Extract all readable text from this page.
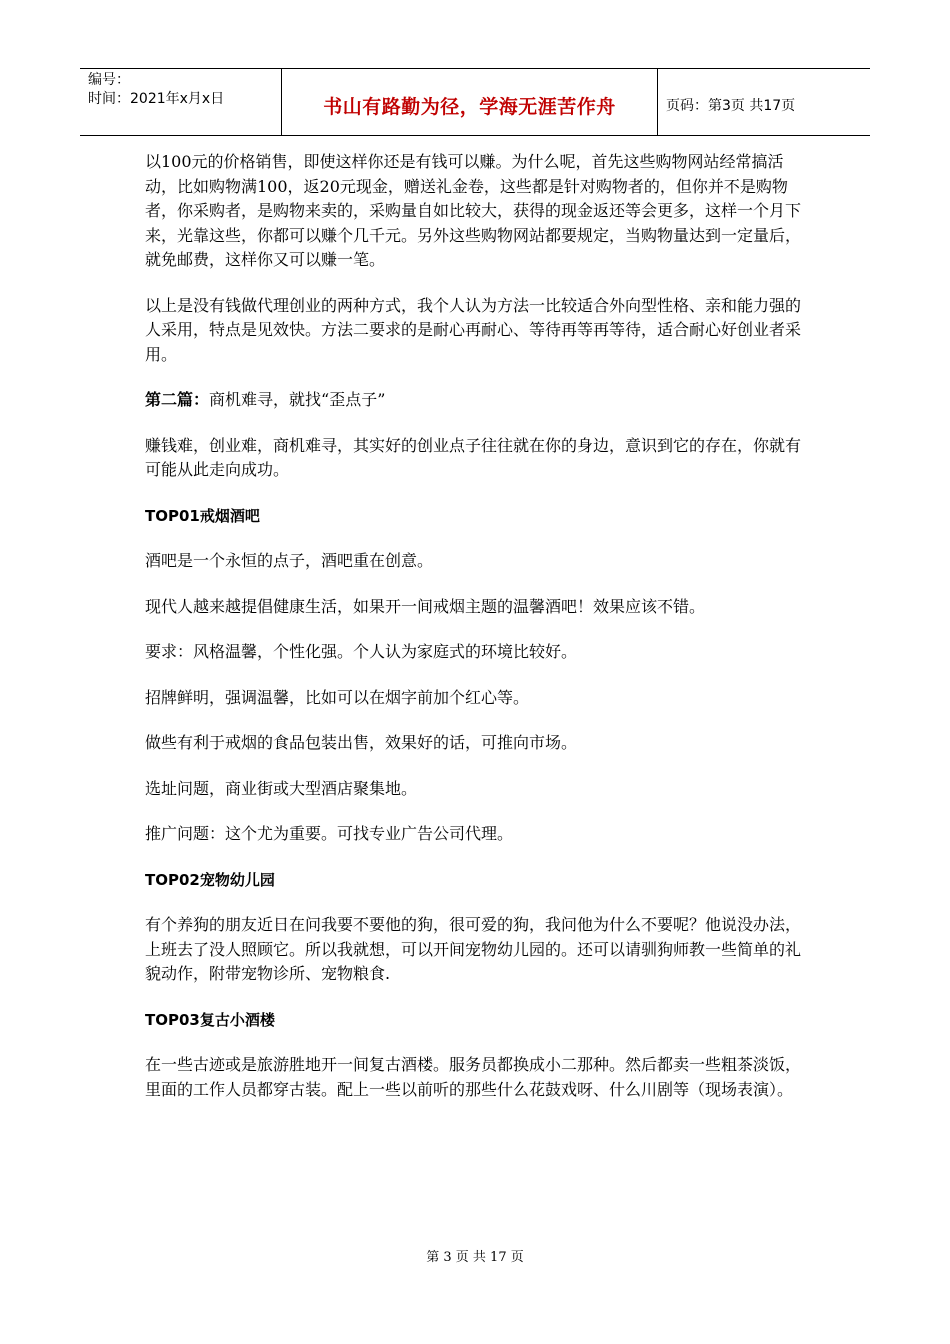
编号：
时间：2021年x月x日	书山有路勤为径，学海无涯苦作舟	页码：第3页 共17页

以100元的价格销售，即使这样你还是有钱可以赚。为什么呢，首先这些购物网站经常搞活动，比如购物满100，返20元现金，赠送礼金卷，这些都是针对购物者的，但你并不是购物者，你采购者，是购物来卖的，采购量自如比较大，获得的现金返还等会更多，这样一个月下来，光靠这些，你都可以赚个几千元。另外这些购物网站都要规定，当购物量达到一定量后，就免邮费，这样你又可以赚一笔。

以上是没有钱做代理创业的两种方式，我个人认为方法一比较适合外向型性格、亲和能力强的人采用，特点是见效快。方法二要求的是耐心再耐心、等待再等再等待，适合耐心好创业者采用。

第二篇：商机难寻，就找“歪点子”

赚钱难，创业难，商机难寻，其实好的创业点子往往就在你的身边，意识到它的存在，你就有可能从此走向成功。

TOP01戒烟酒吧

酒吧是一个永恒的点子，酒吧重在创意。

现代人越来越提倡健康生活，如果开一间戒烟主题的温馨酒吧！效果应该不错。

要求：风格温馨，个性化强。个人认为家庭式的环境比较好。

招牌鲜明，强调温馨，比如可以在烟字前加个红心等。

做些有利于戒烟的食品包装出售，效果好的话，可推向市场。

选址问题，商业街或大型酒店聚集地。

推广问题：这个尤为重要。可找专业广告公司代理。

TOP02宠物幼儿园

有个养狗的朋友近日在问我要不要他的狗，很可爱的狗，我问他为什么不要呢？他说没办法，上班去了没人照顾它。所以我就想，可以开间宠物幼儿园的。还可以请驯狗师教一些简单的礼貌动作，附带宠物诊所、宠物粮食.

TOP03复古小酒楼

在一些古迹或是旅游胜地开一间复古酒楼。服务员都换成小二那种。然后都卖一些粗茶淡饭，里面的工作人员都穿古装。配上一些以前听的那些什么花鼓戏呀、什么川剧等（现场表演）。

第 3 页 共 17 页
